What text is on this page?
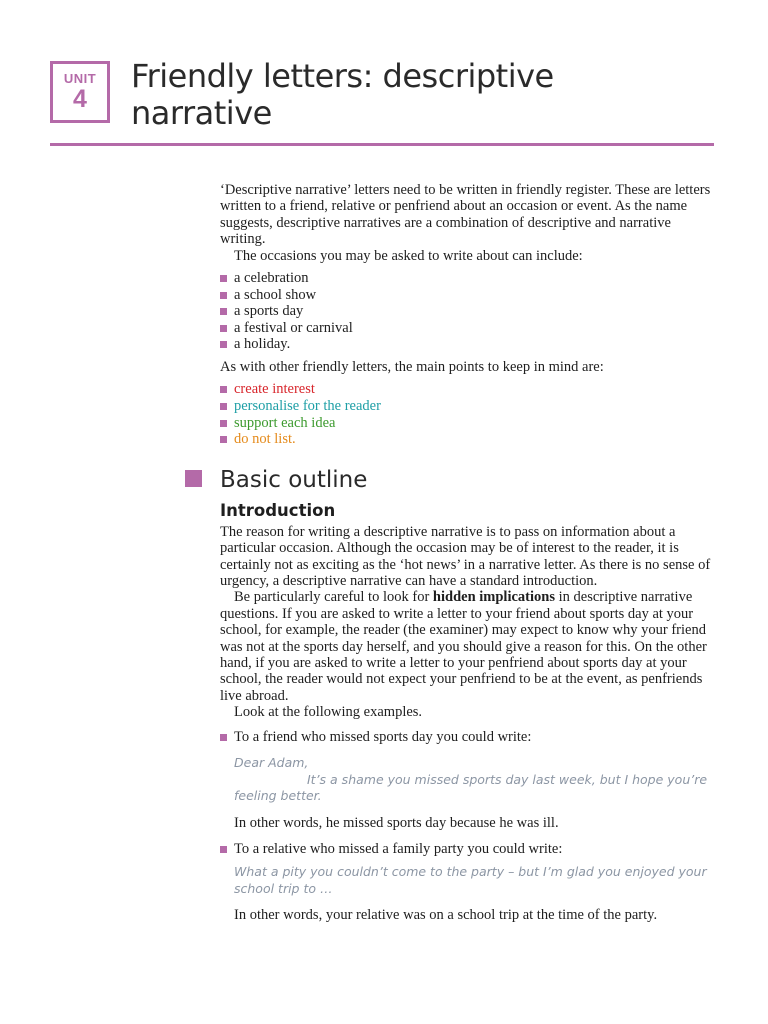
UNIT
4
Friendly letters: descriptive
narrative

‘Descriptive narrative’ letters need to be written in friendly register. These are letters written to a friend, relative or penfriend about an occasion or event. As the name suggests, descriptive narratives are a combination of descriptive and narrative writing.

The occasions you may be asked to write about can include:

a celebration
a school show
a sports day
a festival or carnival
a holiday.

As with other friendly letters, the main points to keep in mind are:

create interest
personalise for the reader
support each idea
do not list.
Basic outline
Introduction

The reason for writing a descriptive narrative is to pass on information about a particular occasion. Although the occasion may be of interest to the reader, it is certainly not as exciting as the ‘hot news’ in a narrative letter. As there is no sense of urgency, a descriptive narrative can have a standard introduction.

Be particularly careful to look for hidden implications in descriptive narrative questions. If you are asked to write a letter to your friend about sports day at your school, for example, the reader (the examiner) may expect to know why your friend was not at the sports day herself, and you should give a reason for this. On the other hand, if you are asked to write a letter to your penfriend about sports day at your school, the reader would not expect your penfriend to be at the event, as penfriends live abroad.

Look at the following examples.

To a friend who missed sports day you could write:
Dear Adam,
It’s a shame you missed sports day last week, but I hope you’re feeling better.

In other words, he missed sports day because he was ill.

To a relative who missed a family party you could write:
What a pity you couldn’t come to the party – but I’m glad you enjoyed your school trip to …

In other words, your relative was on a school trip at the time of the party.
